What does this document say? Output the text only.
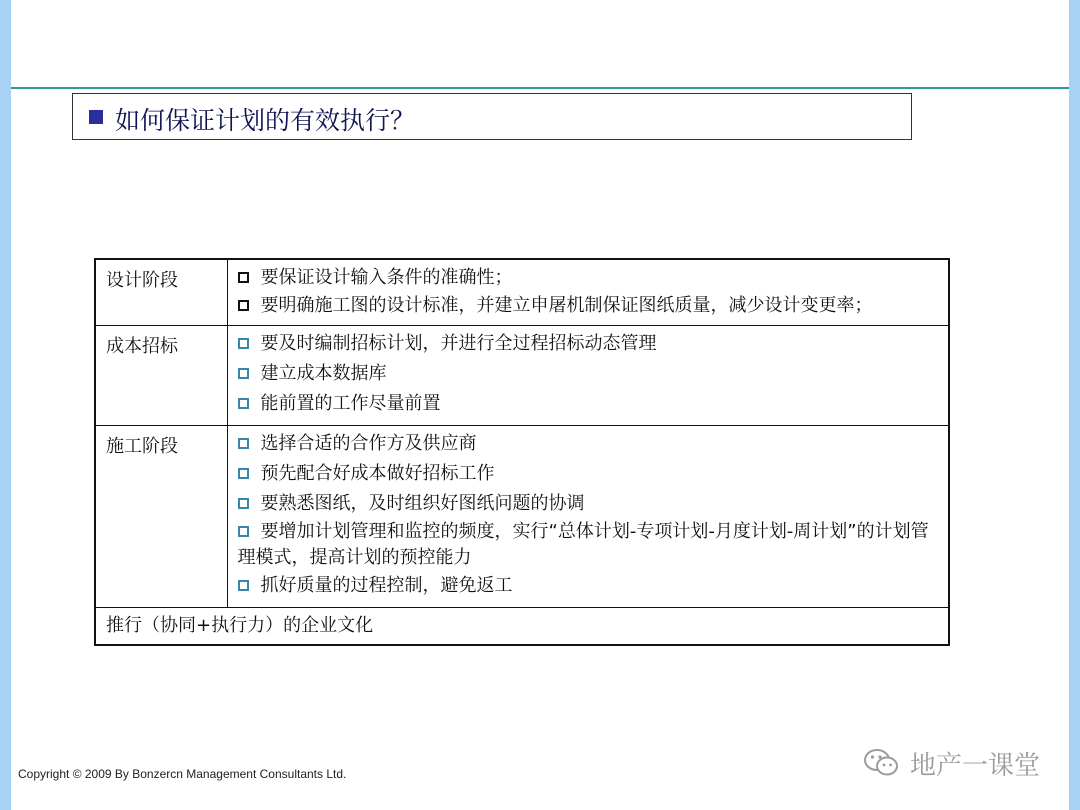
如何保证计划的有效执行？
设计阶段	要保证设计输入条件的准确性；
要明确施工图的设计标准，并建立申屠机制保证图纸质量，减少设计变更率；

成本招标	要及时编制招标计划，并进行全过程招标动态管理
建立成本数据库
能前置的工作尽量前置

施工阶段	选择合适的合作方及供应商
预先配合好成本做好招标工作
要熟悉图纸，及时组织好图纸问题的协调
要增加计划管理和监控的频度，实行“总体计划-专项计划-月度计划-周计划”的计划管理模式，提高计划的预控能力
抓好质量的过程控制，避免返工

推行（协同+执行力）的企业文化	
Copyright © 2009 By Bonzercn Management Consultants Ltd.	地产一课堂
